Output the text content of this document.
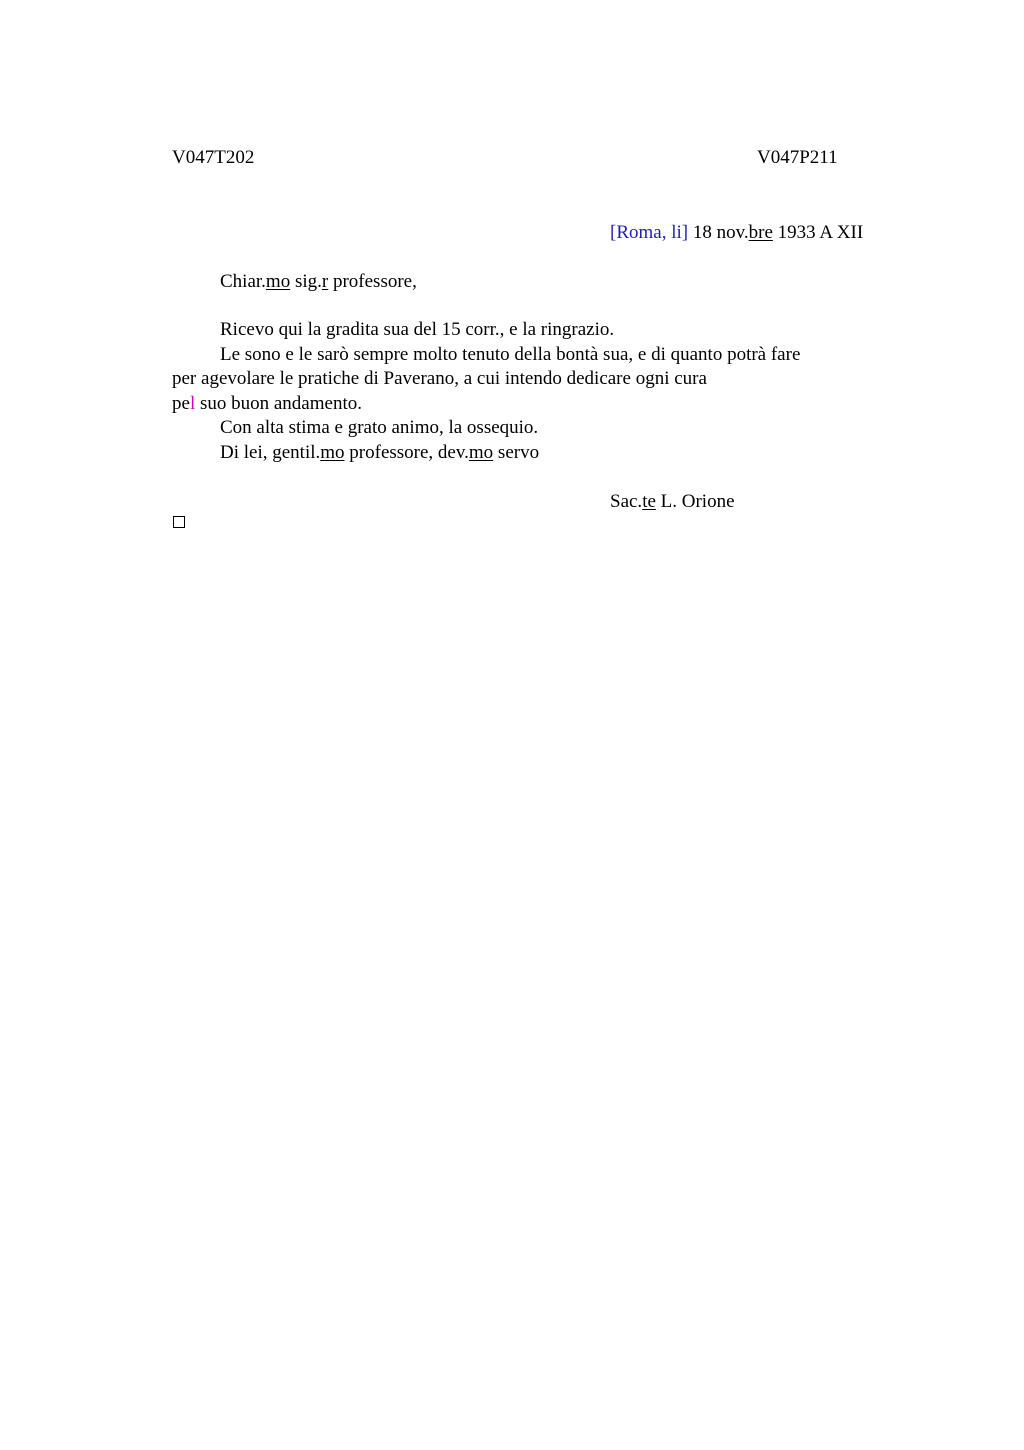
V047T202	V047P211
[Roma, li] 18 nov.bre 1933 A XII
Chiar.mo sig.r professore,
Ricevo qui la gradita sua del 15 corr., e la ringrazio.
Le sono e le sarò sempre molto tenuto della bontà sua, e di quanto potrà fare
per agevolare le pratiche di Paverano, a cui intendo dedicare ogni cura
pel suo buon andamento.
Con alta stima e grato animo, la ossequio.
Di lei, gentil.mo professore, dev.mo servo
Sac.te L. Orione
